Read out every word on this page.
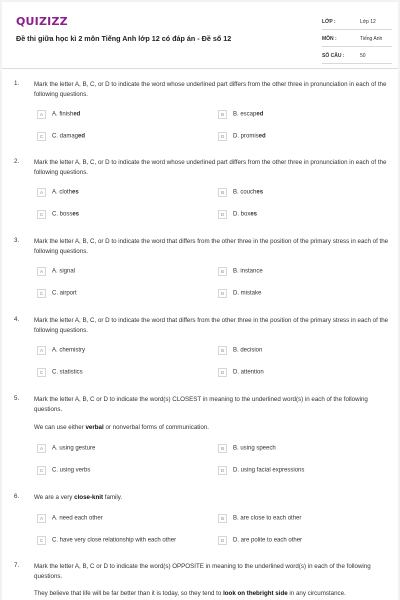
QUIZIZZ
Đề thi giữa học kì 2 môn Tiếng Anh lớp 12 có đáp án - Đề số 12
LỚP :	Lớp 12
MÔN :	Tiếng Anh
SỐ CÂU :	50
1. Mark the letter A, B, C, or D to indicate the word whose underlined part differs from the other three in pronunciation in each of the following questions.
A A. finished	B B. escaped
C C. damaged	D D. promised
2. Mark the letter A, B, C, or D to indicate the word whose underlined part differs from the other three in pronunciation in each of the following questions.
A A. clothes	B B. couches
C C. bosses	D D. boxes
3. Mark the letter A, B, C, or D to indicate the word that differs from the other three in the position of the primary stress in each of the following questions.
A A. signal	B B. instance
C C. airport	D D. mistake
4. Mark the letter A, B, C, or D to indicate the word that differs from the other three in the position of the primary stress in each of the following questions.
A A. chemistry	B B. decision
C C. statistics	D D. attention
5. Mark the letter A, B, C or D to indicate the word(s) CLOSEST in meaning to the underlined word(s) in each of the following questions.
We can use either verbal or nonverbal forms of communication.
A A. using gesture	B B. using speech
C C. using verbs	D D. using facial expressions
6. We are a very close-knit family.
A A. need each other	B B. are close to each other
C C. have very close relationship with each other	D D. are polite to each other
7. Mark the letter A, B, C or D to indicate the word(s) OPPOSITE in meaning to the underlined word(s) in each of the following questions.
They believe that life will be far better than it is today, so they tend to look on thebright side in any circumstance.
